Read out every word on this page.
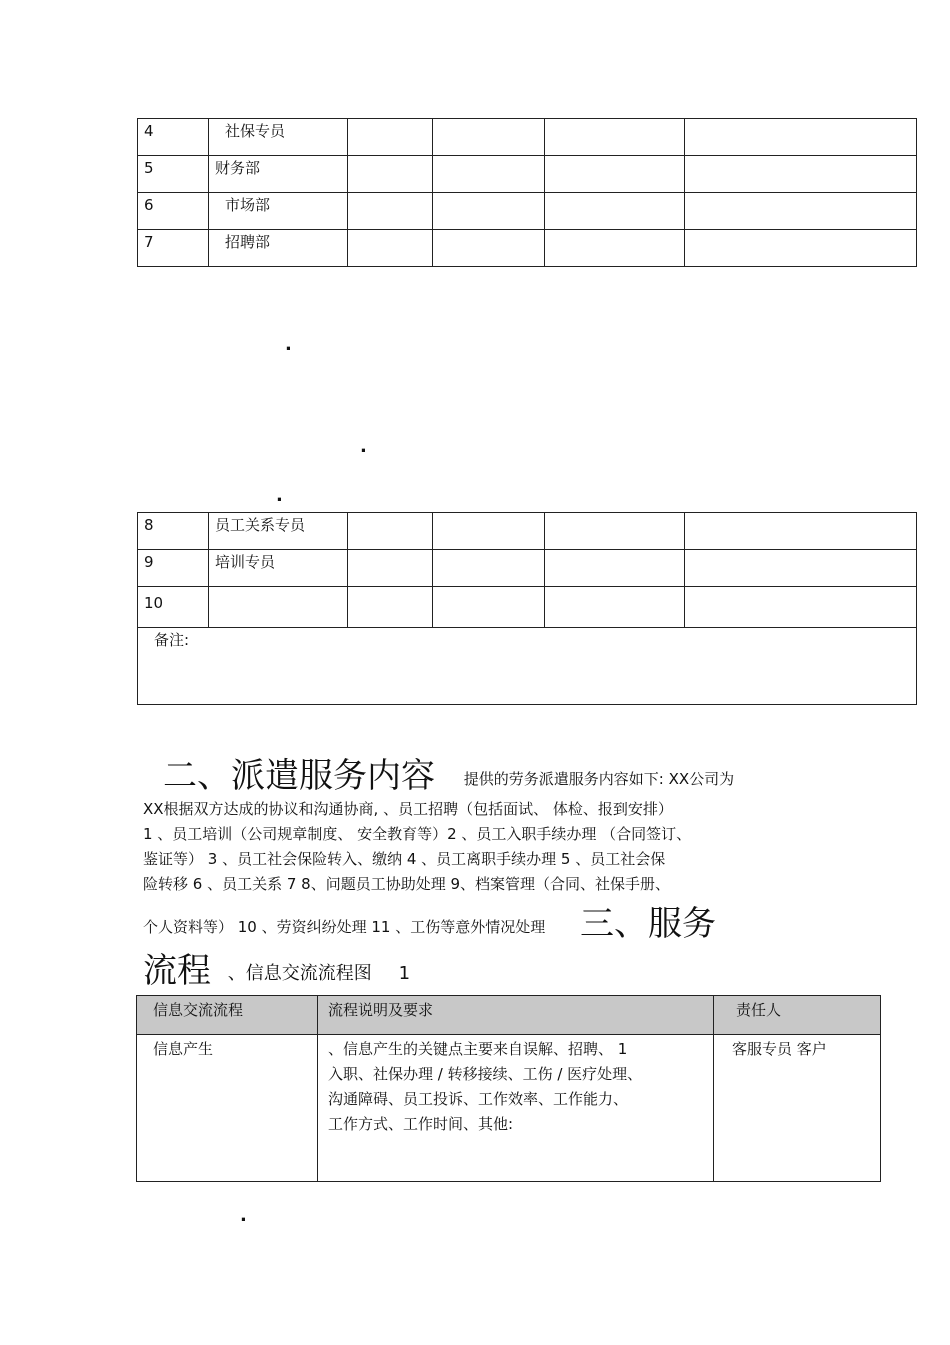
4	社保专员				
5	财务部				
6	市场部				
7	招聘部				
.
.
.
8	员工关系专员				
9	培训专员				
10					
备注:					
二、派遣服务内容 提供的劳务派遣服务内容如下: XX公司为
XX根据双方达成的协议和沟通协商, 、员工招聘（包括面试、 体检、报到安排）
1 、员工培训（公司规章制度、 安全教育等）2 、员工入职手续办理 （合同签订、
鉴证等） 3 、员工社会保险转入、缴纳 4 、员工离职手续办理 5 、员工社会保
险转移 6 、员工关系 7 8、问题员工协助处理 9、档案管理（合同、社保手册、
个人资料等） 10 、劳资纠纷处理 11 、工伤等意外情况处理 三、服务
流程 、信息交流流程图 1
信息交流流程	流程说明及要求	责任人
信息产生	、信息产生的关键点主要来自误解、招聘、 1
入职、社保办理 / 转移接续、工伤 / 医疗处理、
沟通障碍、员工投诉、工作效率、工作能力、
工作方式、工作时间、其他:	客服专员 客户
.
